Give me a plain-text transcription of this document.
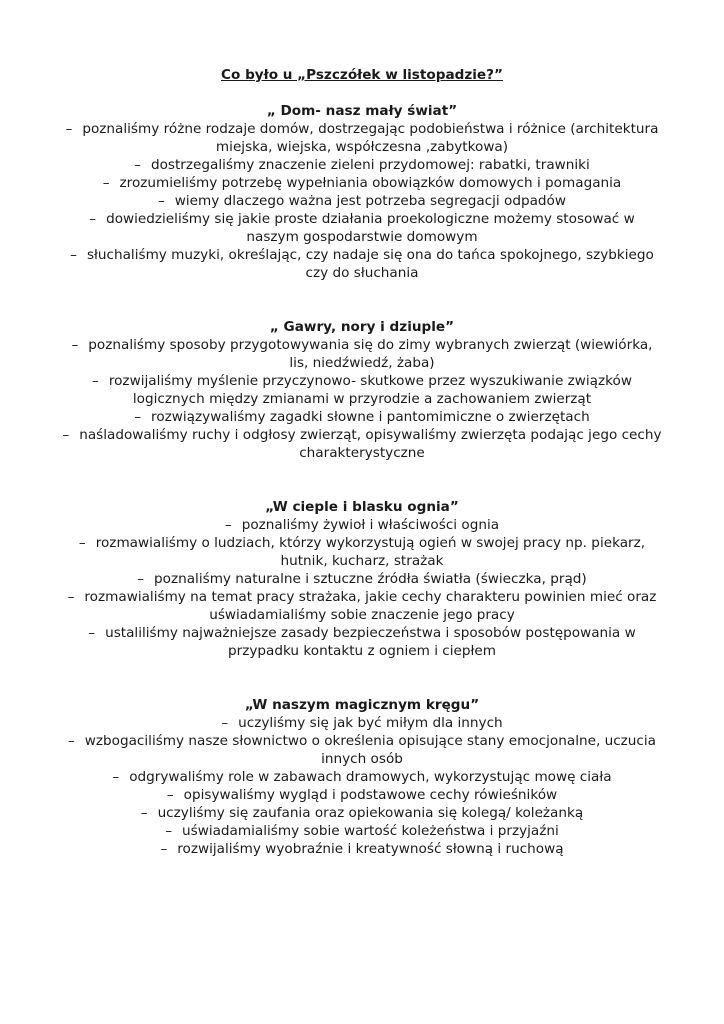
Co było u „Pszczółek w listopadzie?”
„ Dom- nasz mały świat”
– poznaliśmy różne rodzaje domów, dostrzegając podobieństwa i różnice (architektura miejska, wiejska, współczesna ,zabytkowa)
– dostrzegaliśmy znaczenie zieleni przydomowej: rabatki, trawniki
– zrozumieliśmy potrzebę wypełniania obowiązków domowych i pomagania
– wiemy dlaczego ważna jest potrzeba segregacji odpadów
– dowiedzieliśmy się jakie proste działania proekologiczne możemy stosować w naszym gospodarstwie domowym
– słuchaliśmy muzyki, określając, czy nadaje się ona do tańca spokojnego, szybkiego czy do słuchania
„ Gawry, nory i dziuple”
– poznaliśmy sposoby przygotowywania się do zimy wybranych zwierząt (wiewiórka, lis, niedźwiedź, żaba)
– rozwijaliśmy myślenie przyczynowo- skutkowe przez wyszukiwanie związków logicznych między zmianami w przyrodzie a zachowaniem zwierząt
– rozwiązywaliśmy zagadki słowne i pantomimiczne o zwierzętach
– naśladowaliśmy ruchy i odgłosy zwierząt, opisywaliśmy zwierzęta podając jego cechy charakterystyczne
„W cieple i blasku ognia”
– poznaliśmy żywioł i właściwości ognia
– rozmawialiśmy o ludziach, którzy wykorzystują ogień w swojej pracy np. piekarz, hutnik, kucharz, strażak
– poznaliśmy naturalne i sztuczne źródła światła (świeczka, prąd)
– rozmawialiśmy na temat pracy strażaka, jakie cechy charakteru powinien mieć oraz uświadamialiśmy sobie znaczenie jego pracy
– ustaliliśmy najważniejsze zasady bezpieczeństwa i sposobów postępowania w przypadku kontaktu z ogniem i ciepłem
„W naszym magicznym kręgu”
– uczyliśmy się jak być miłym dla innych
– wzbogaciliśmy nasze słownictwo o określenia opisujące stany emocjonalne, uczucia innych osób
– odgrywaliśmy role w zabawach dramowych, wykorzystując mowę ciała
– opisywaliśmy wygląd i podstawowe cechy rówieśników
– uczyliśmy się zaufania oraz opiekowania się kolegą/ koleżanką
– uświadamialiśmy sobie wartość koleżeństwa i przyjaźni
– rozwijaliśmy wyobraźnie i kreatywność słowną i ruchową
